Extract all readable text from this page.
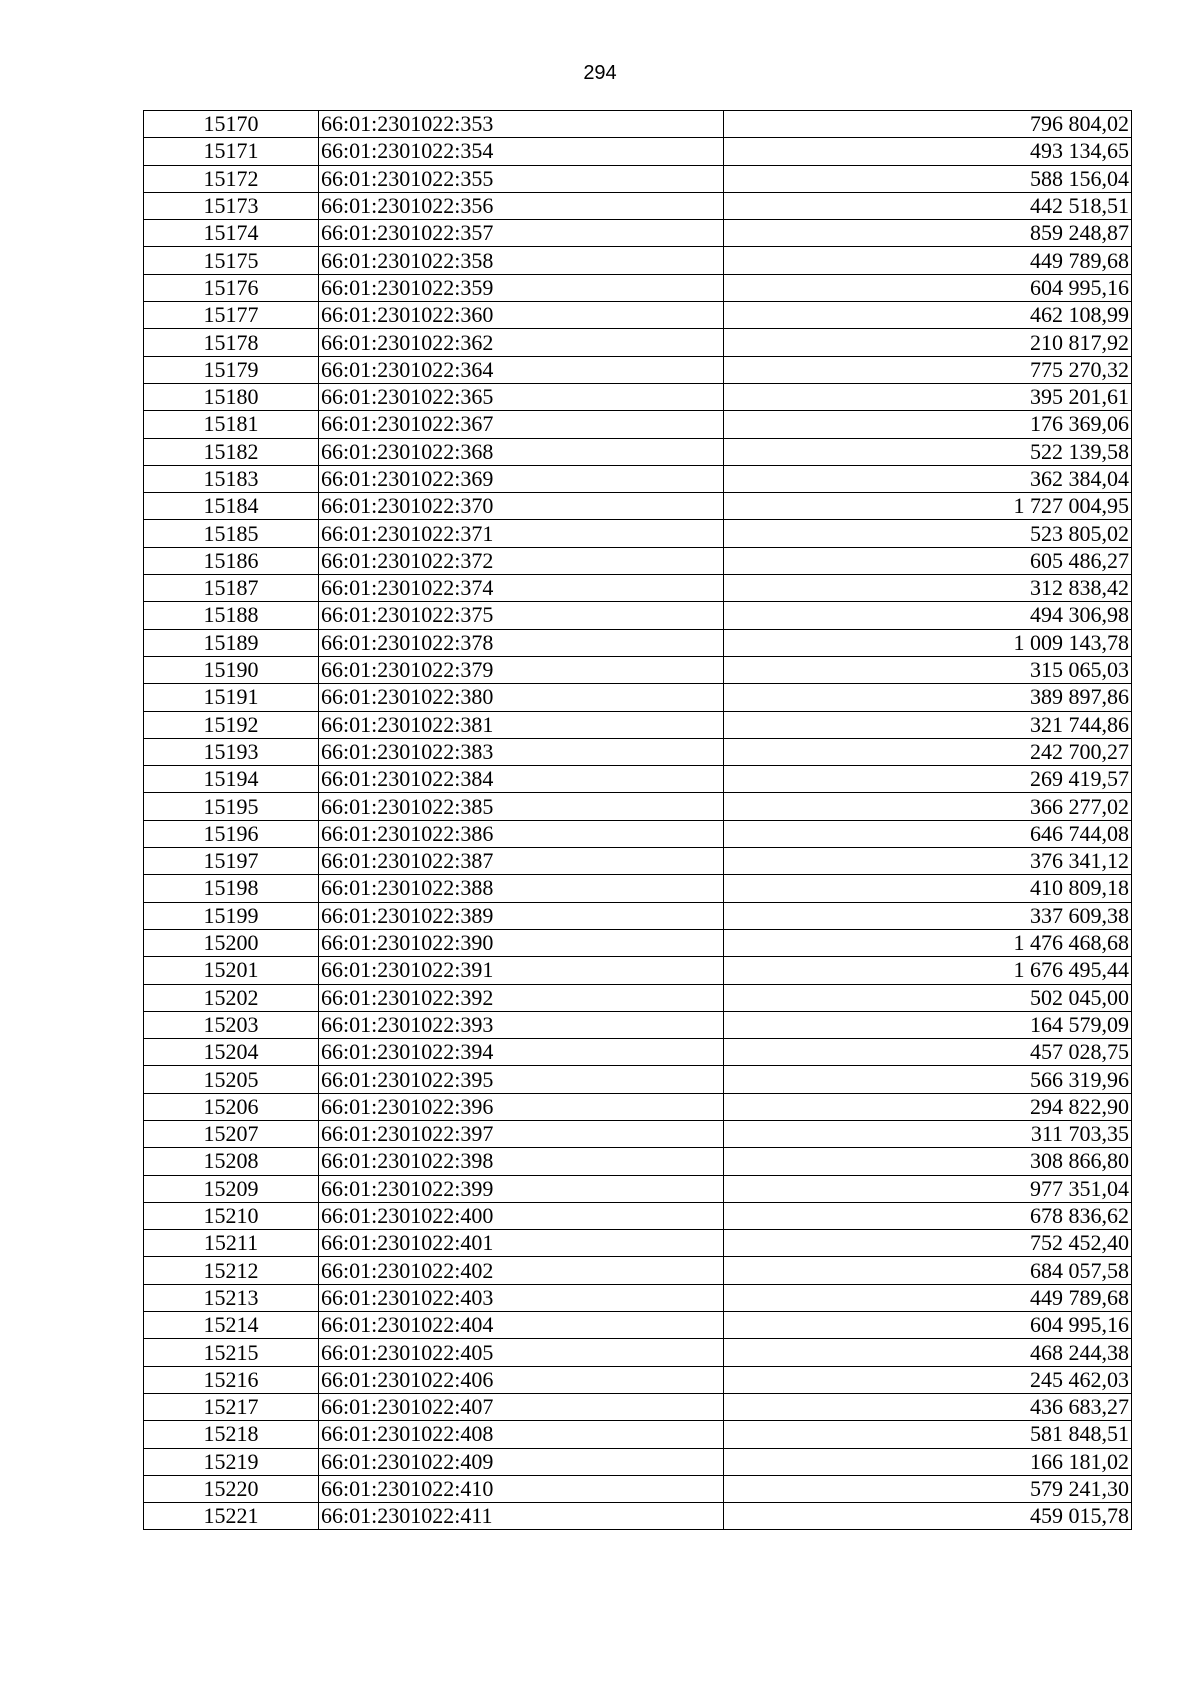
294
15170	66:01:2301022:353	796 804,02
15171	66:01:2301022:354	493 134,65
15172	66:01:2301022:355	588 156,04
15173	66:01:2301022:356	442 518,51
15174	66:01:2301022:357	859 248,87
15175	66:01:2301022:358	449 789,68
15176	66:01:2301022:359	604 995,16
15177	66:01:2301022:360	462 108,99
15178	66:01:2301022:362	210 817,92
15179	66:01:2301022:364	775 270,32
15180	66:01:2301022:365	395 201,61
15181	66:01:2301022:367	176 369,06
15182	66:01:2301022:368	522 139,58
15183	66:01:2301022:369	362 384,04
15184	66:01:2301022:370	1 727 004,95
15185	66:01:2301022:371	523 805,02
15186	66:01:2301022:372	605 486,27
15187	66:01:2301022:374	312 838,42
15188	66:01:2301022:375	494 306,98
15189	66:01:2301022:378	1 009 143,78
15190	66:01:2301022:379	315 065,03
15191	66:01:2301022:380	389 897,86
15192	66:01:2301022:381	321 744,86
15193	66:01:2301022:383	242 700,27
15194	66:01:2301022:384	269 419,57
15195	66:01:2301022:385	366 277,02
15196	66:01:2301022:386	646 744,08
15197	66:01:2301022:387	376 341,12
15198	66:01:2301022:388	410 809,18
15199	66:01:2301022:389	337 609,38
15200	66:01:2301022:390	1 476 468,68
15201	66:01:2301022:391	1 676 495,44
15202	66:01:2301022:392	502 045,00
15203	66:01:2301022:393	164 579,09
15204	66:01:2301022:394	457 028,75
15205	66:01:2301022:395	566 319,96
15206	66:01:2301022:396	294 822,90
15207	66:01:2301022:397	311 703,35
15208	66:01:2301022:398	308 866,80
15209	66:01:2301022:399	977 351,04
15210	66:01:2301022:400	678 836,62
15211	66:01:2301022:401	752 452,40
15212	66:01:2301022:402	684 057,58
15213	66:01:2301022:403	449 789,68
15214	66:01:2301022:404	604 995,16
15215	66:01:2301022:405	468 244,38
15216	66:01:2301022:406	245 462,03
15217	66:01:2301022:407	436 683,27
15218	66:01:2301022:408	581 848,51
15219	66:01:2301022:409	166 181,02
15220	66:01:2301022:410	579 241,30
15221	66:01:2301022:411	459 015,78
